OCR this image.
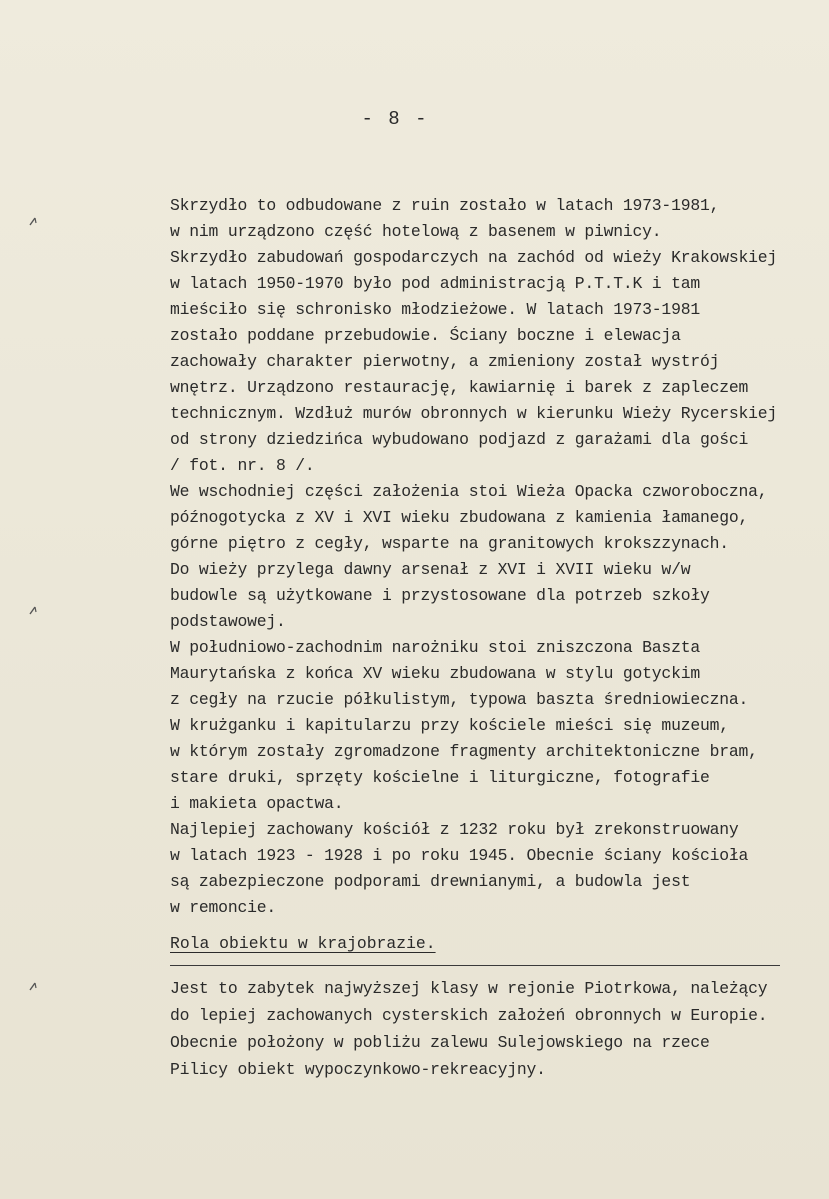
- 8 -
Skrzydło to odbudowane z ruin zostało w latach 1973-1981,
w nim urządzono część hotelową z basenem w piwnicy.
Skrzydło zabudowań gospodarczych na zachód od wieży Krakowskiej
w latach 1950-1970 było pod administracją P.T.T.K i tam
mieściło się schronisko młodzieżowe. W latach 1973-1981
zostało poddane przebudowie. Ściany boczne i elewacja
zachowały charakter pierwotny, a zmieniony został wystrój
wnętrz. Urządzono restaurację, kawiarnię i barek z zapleczem
technicznym. Wzdłuż murów obronnych w kierunku Wieży Rycerskiej
od strony dziedzińca wybudowano podjazd z garażami dla gości
/ fot. nr. 8 /.
We wschodniej części założenia stoi Wieża Opacka czworoboczna,
późnogotycka z XV i XVI wieku zbudowana z kamienia łamanego,
górne piętro z cegły, wsparte na granitowych krokszzynach.
Do wieży przylega dawny arsenał z XVI i XVII wieku w/w
budowle są użytkowane i przystosowane dla potrzeb szkoły
podstawowej.
W południowo-zachodnim narożniku stoi zniszczona Baszta
Maurytańska z końca XV wieku zbudowana w stylu gotyckim
z cegły na rzucie półkulistym, typowa baszta średniowieczna.
W krużganku i kapitularzu przy kościele mieści się muzeum,
w którym zostały zgromadzone fragmenty architektoniczne bram,
stare druki, sprzęty kościelne i liturgiczne, fotografie
i makieta opactwa.
Najlepiej zachowany kościół z 1232 roku był zrekonstruowany
w latach 1923 - 1928 i po roku 1945. Obecnie ściany kościoła
są zabezpieczone podporami drewnianymi, a budowla jest
w remoncie.
Rola obiektu w krajobrazie.
Jest to zabytek najwyższej klasy w rejonie Piotrkowa, należący
do lepiej zachowanych cysterskich założeń obronnych w Europie.
Obecnie położony w pobliżu zalewu Sulejowskiego na rzece
Pilicy obiekt wypoczynkowo-rekreacyjny.
